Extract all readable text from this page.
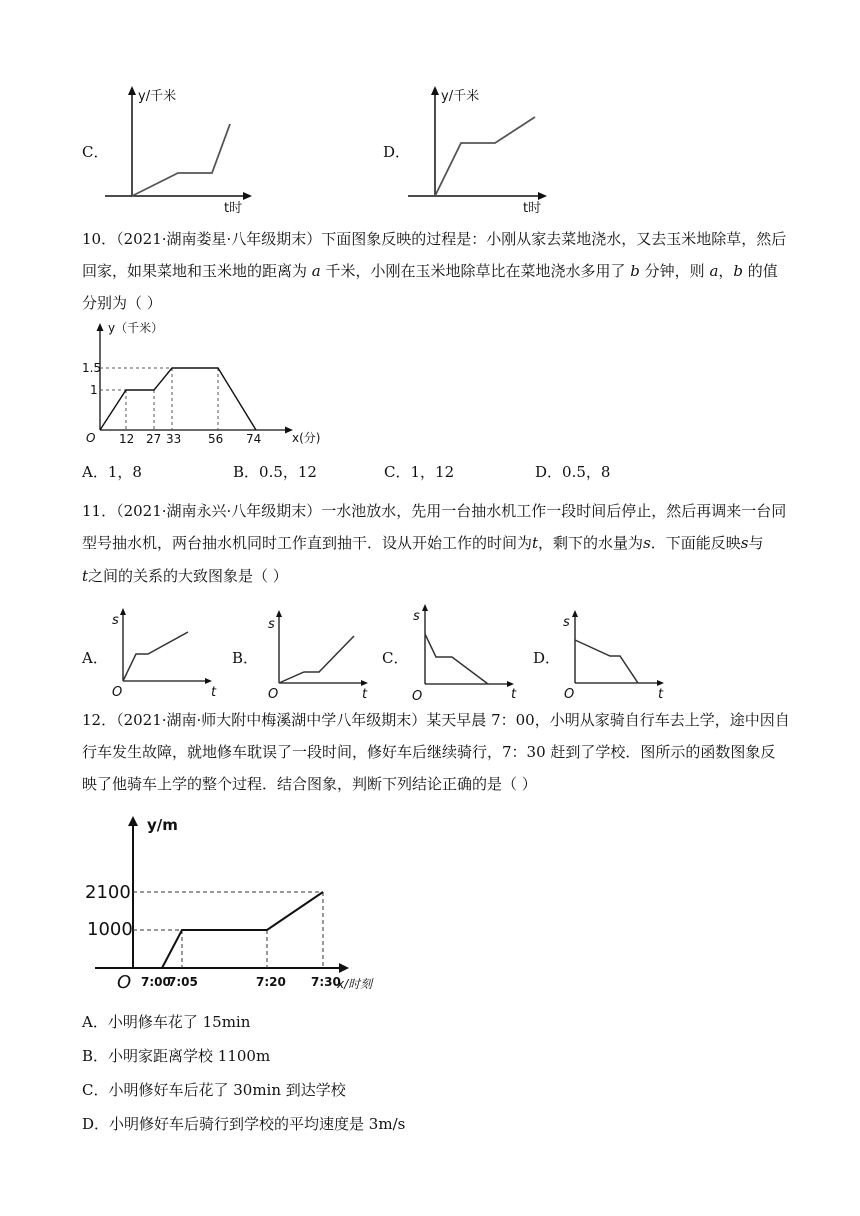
C．
y/千米
t时
D．
y/千米
t时
10．（2021·湖南娄星·八年级期末）下面图象反映的过程是：小刚从家去菜地浇水，又去玉米地除草，然后
回家，如果菜地和玉米地的距离为 a 千米，小刚在玉米地除草比在菜地浇水多用了 b 分钟，则 a，b 的值
分别为（ ）
y（千米）
x(分)
O
1.5
1
12 27 33 56 74
A．1，8	B．0.5，12	C．1，12	D．0.5，8
11．（2021·湖南永兴·八年级期末）一水池放水，先用一台抽水机工作一段时间后停止，然后再调来一台同
型号抽水机，两台抽水机同时工作直到抽干．设从开始工作的时间为t，剩下的水量为s．下面能反映s与
t之间的关系的大致图象是（ ）
A．
s
O	t
B．
s
O	t
C．
s
O	t
D．
s
O	t
12．（2021·湖南·师大附中梅溪湖中学八年级期末）某天早晨 7：00，小明从家骑自行车去上学，途中因自
行车发生故障，就地修车耽误了一段时间，修好车后继续骑行，7：30 赶到了学校．图所示的函数图象反
映了他骑车上学的整个过程．结合图象，判断下列结论正确的是（ ）
y/m
O	x/时刻
2100
1000
7:00
7:05	7:20 7:30
A．小明修车花了 15min
B．小明家距离学校 1100m
C．小明修好车后花了 30min 到达学校
D．小明修好车后骑行到学校的平均速度是 3m/s
